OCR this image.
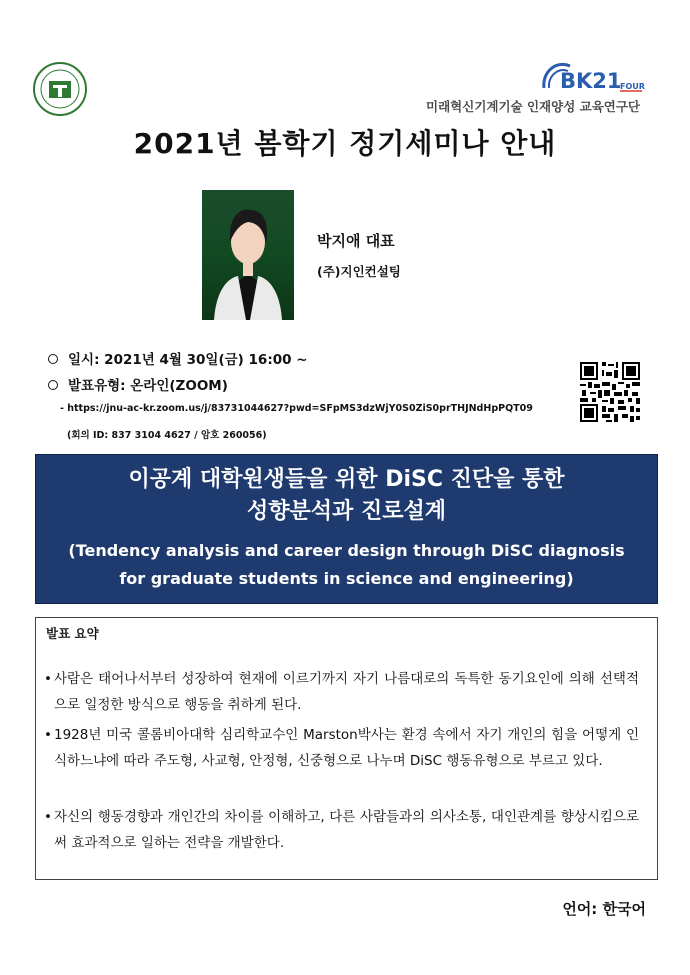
BK21
FOUR
미래혁신기계기술 인재양성 교육연구단
2021년 봄학기 정기세미나 안내
박지애 대표
(주)지인컨설팅
일시: 2021년 4월 30일(금) 16:00 ~
발표유형: 온라인(ZOOM)
- https://jnu-ac-kr.zoom.us/j/83731044627?pwd=SFpMS3dzWjY0S0ZiS0prTHJNdHpPQT09
(회의 ID: 837 3104 4627 / 암호 260056)
이공계 대학원생들을 위한 DiSC 진단을 통한
성향분석과 진로설계
(Tendency analysis and career design through DiSC diagnosis
for graduate students in science and engineering)
발표 요약
• 사람은 태어나서부터 성장하여 현재에 이르기까지 자기 나름대로의 독특한 동기요인에 의해 선택적으로 일정한 방식으로 행동을 취하게 된다.
• 1928년 미국 콜롬비아대학 심리학교수인 Marston박사는 환경 속에서 자기 개인의 힘을 어떻게 인식하느냐에 따라 주도형, 사교형, 안정형, 신중형으로 나누며 DiSC 행동유형으로 부르고 있다.
• 자신의 행동경향과 개인간의 차이를 이해하고, 다른 사람들과의 의사소통, 대인관계를 향상시킴으로써 효과적으로 일하는 전략을 개발한다.
언어: 한국어
